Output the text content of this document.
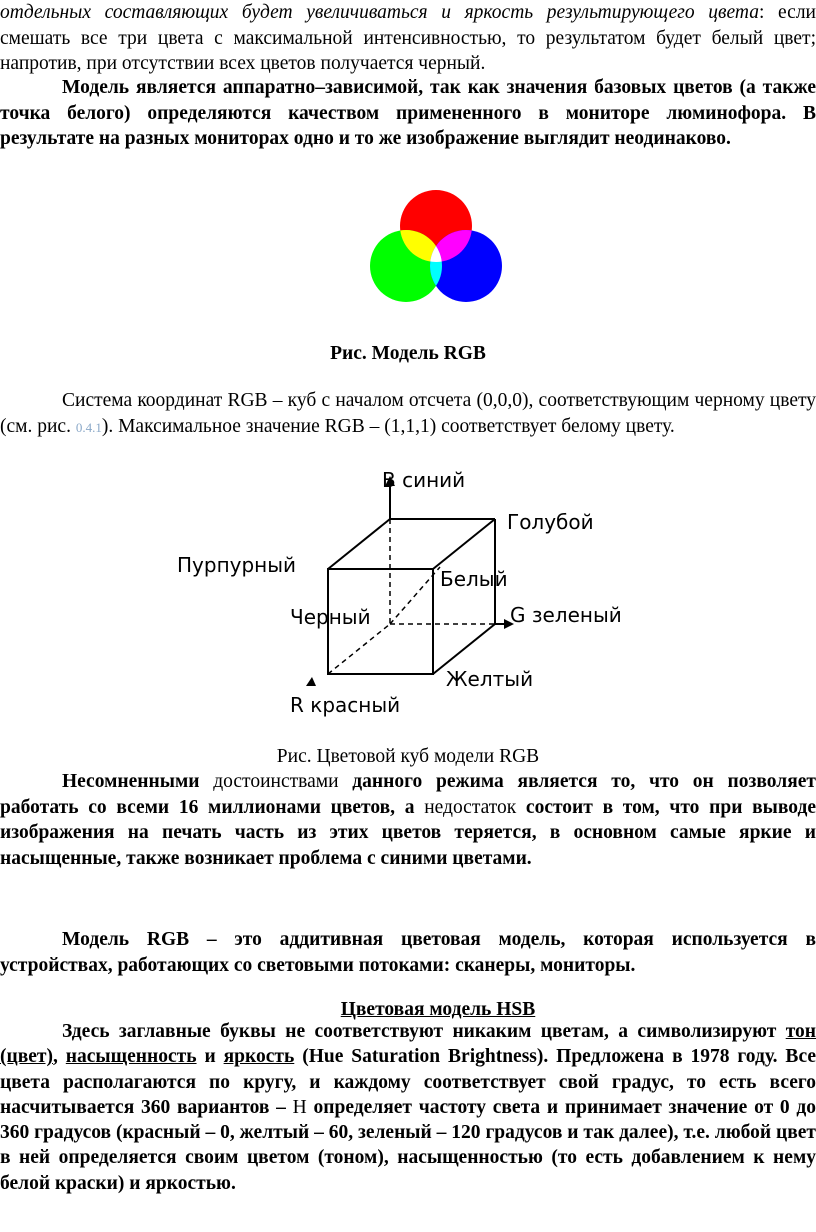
отдельных составляющих будет увеличиваться и яркость результирующего цвета: если смешать все три цвета с максимальной интенсивностью, то результатом будет белый цвет; напротив, при отсутствии всех цветов получается черный.

Модель является аппаратно–зависимой, так как значения базовых цветов (а также точка белого) определяются качеством примененного в мониторе люминофора. В результате на разных мониторах одно и то же изображение выглядит неодинаково.

Рис. Модель RGB

Система координат RGB – куб с началом отсчета (0,0,0), соответствующим черному цвету (см. рис. 0.4.1). Максимальное значение RGB – (1,1,1) соответствует белому цвету.

B синий
Голубой
Пурпурный
Белый
Черный	G зеленый
Желтый
R красный

Рис. Цветовой куб модели RGB

Несомненными достоинствами данного режима является то, что он позволяет работать со всеми 16 миллионами цветов, а недостаток состоит в том, что при выводе изображения на печать часть из этих цветов теряется, в основном самые яркие и насыщенные, также возникает проблема с синими цветами.

Модель RGB – это аддитивная цветовая модель, которая используется в устройствах, работающих со световыми потоками: сканеры, мониторы.

Цветовая модель HSB

Здесь заглавные буквы не соответствуют никаким цветам, а символизируют тон (цвет), насыщенность и яркость (Hue Saturation Brightness). Предложена в 1978 году. Все цвета располагаются по кругу, и каждому соответствует свой градус, то есть всего насчитывается 360 вариантов – Н определяет частоту света и принимает значение от 0 до 360 градусов (красный – 0, желтый – 60, зеленый – 120 градусов и так далее), т.е. любой цвет в ней определяется своим цветом (тоном), насыщенностью (то есть добавлением к нему белой краски) и яркостью.
